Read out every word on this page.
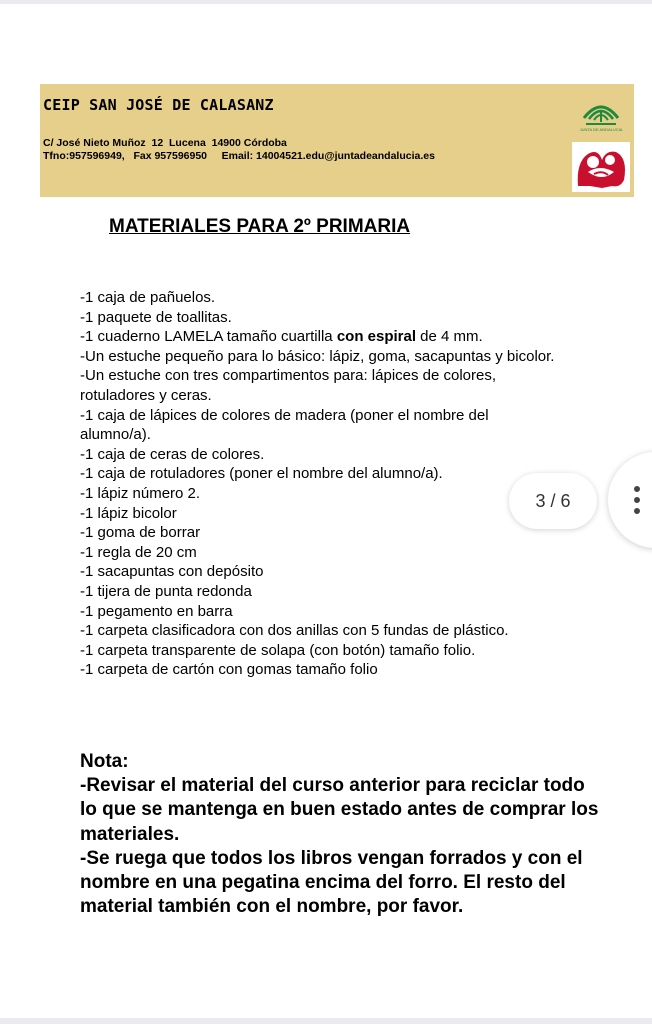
CEIP SAN JOSÉ DE CALASANZ
C/ José Nieto Muñoz  12  Lucena  14900 Córdoba
Tfno:957596949,   Fax 957596950     Email: 14004521.edu@juntadeandalucia.es
JUNTA DE ANDALUCIA
MATERIALES PARA 2º PRIMARIA
-1 caja de pañuelos.
-1 paquete de toallitas.
-1 cuaderno LAMELA tamaño cuartilla con espiral de 4 mm.
-Un estuche pequeño para lo básico: lápiz, goma, sacapuntas y bicolor.
-Un estuche con tres compartimentos para: lápices de colores, rotuladores y ceras.
-1 caja de lápices de colores de madera (poner el nombre del alumno/a).
-1 caja de ceras de colores.
-1 caja de rotuladores (poner el nombre del alumno/a).
-1 lápiz número 2.
-1 lápiz bicolor
-1 goma de borrar
-1 regla de 20 cm
-1 sacapuntas con depósito
-1 tijera de punta redonda
-1 pegamento en barra
-1 carpeta clasificadora con dos anillas con 5 fundas de plástico.
-1 carpeta transparente de solapa (con botón) tamaño folio.
-1 carpeta de cartón con gomas tamaño folio

Nota:

-Revisar el material del curso anterior para reciclar todo lo que se mantenga en buen estado antes de comprar los materiales.

-Se ruega que todos los libros vengan forrados y con el nombre en una pegatina encima del forro. El resto del material también con el nombre, por favor.

3 / 6
